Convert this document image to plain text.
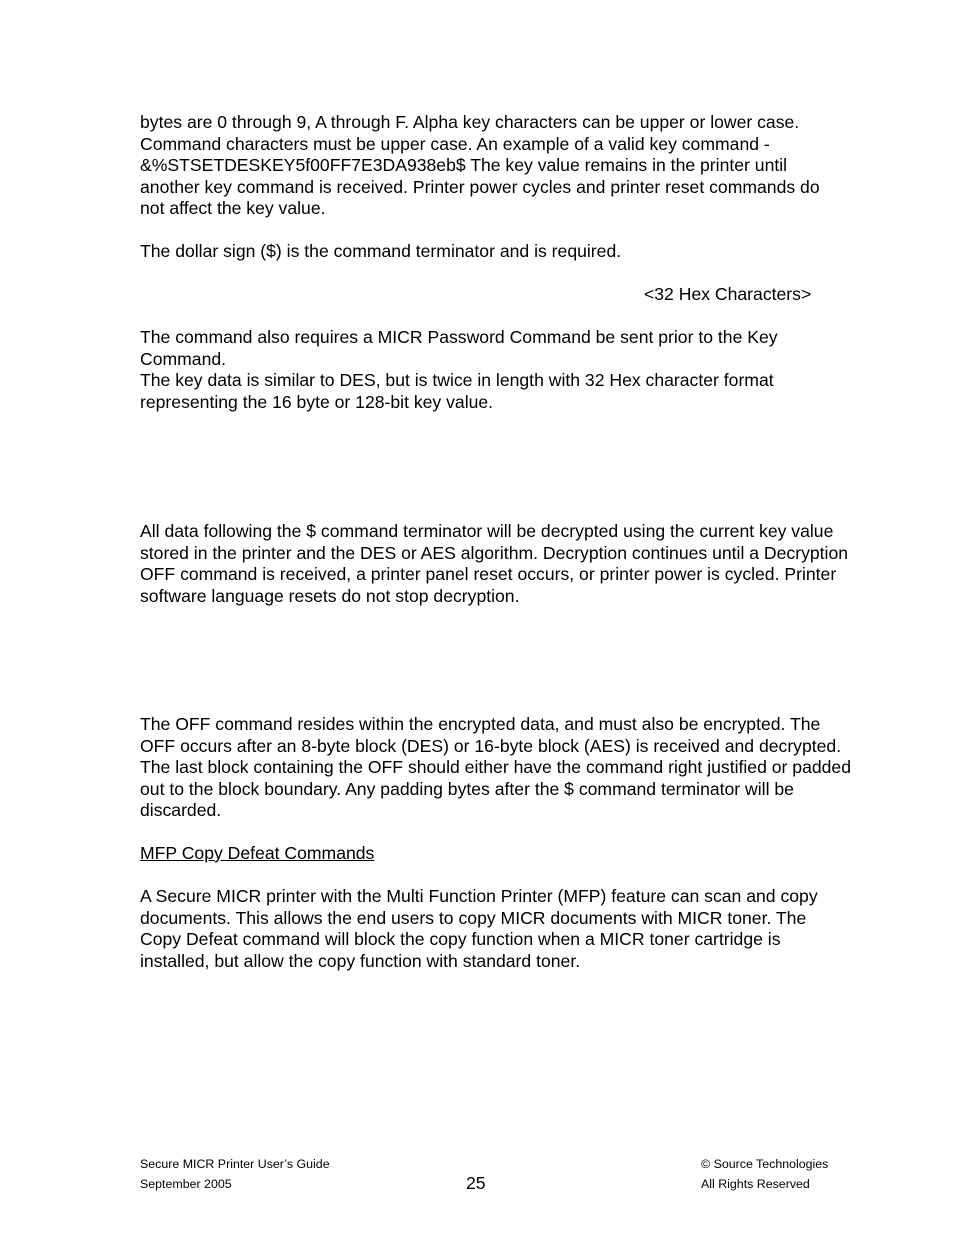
bytes are 0 through 9, A through F. Alpha key characters can be upper or lower case.
Command characters must be upper case. An example of a valid key command -
&%STSETDESKEY5f00FF7E3DA938eb$ The key value remains in the printer until
another key command is received. Printer power cycles and printer reset commands do
not affect the key value.
The dollar sign ($) is the command terminator and is required.
<32 Hex Characters>
The command also requires a MICR Password Command be sent prior to the Key
Command.
The key data is similar to DES, but is twice in length with 32 Hex character format
representing the 16 byte or 128-bit key value.
All data following the $ command terminator will be decrypted using the current key value
stored in the printer and the DES or AES algorithm. Decryption continues until a Decryption
OFF command is received, a printer panel reset occurs, or printer power is cycled. Printer
software language resets do not stop decryption.
The OFF command resides within the encrypted data, and must also be encrypted. The
OFF occurs after an 8-byte block (DES) or 16-byte block (AES) is received and decrypted.
The last block containing the OFF should either have the command right justified or padded
out to the block boundary. Any padding bytes after the $ command terminator will be
discarded.
MFP Copy Defeat Commands
A Secure MICR printer with the Multi Function Printer (MFP) feature can scan and copy
documents. This allows the end users to copy MICR documents with MICR toner. The
Copy Defeat command will block the copy function when a MICR toner cartridge is
installed, but allow the copy function with standard toner.
Secure MICR Printer User’s Guide
September 2005	25
© Source Technologies
All Rights Reserved
